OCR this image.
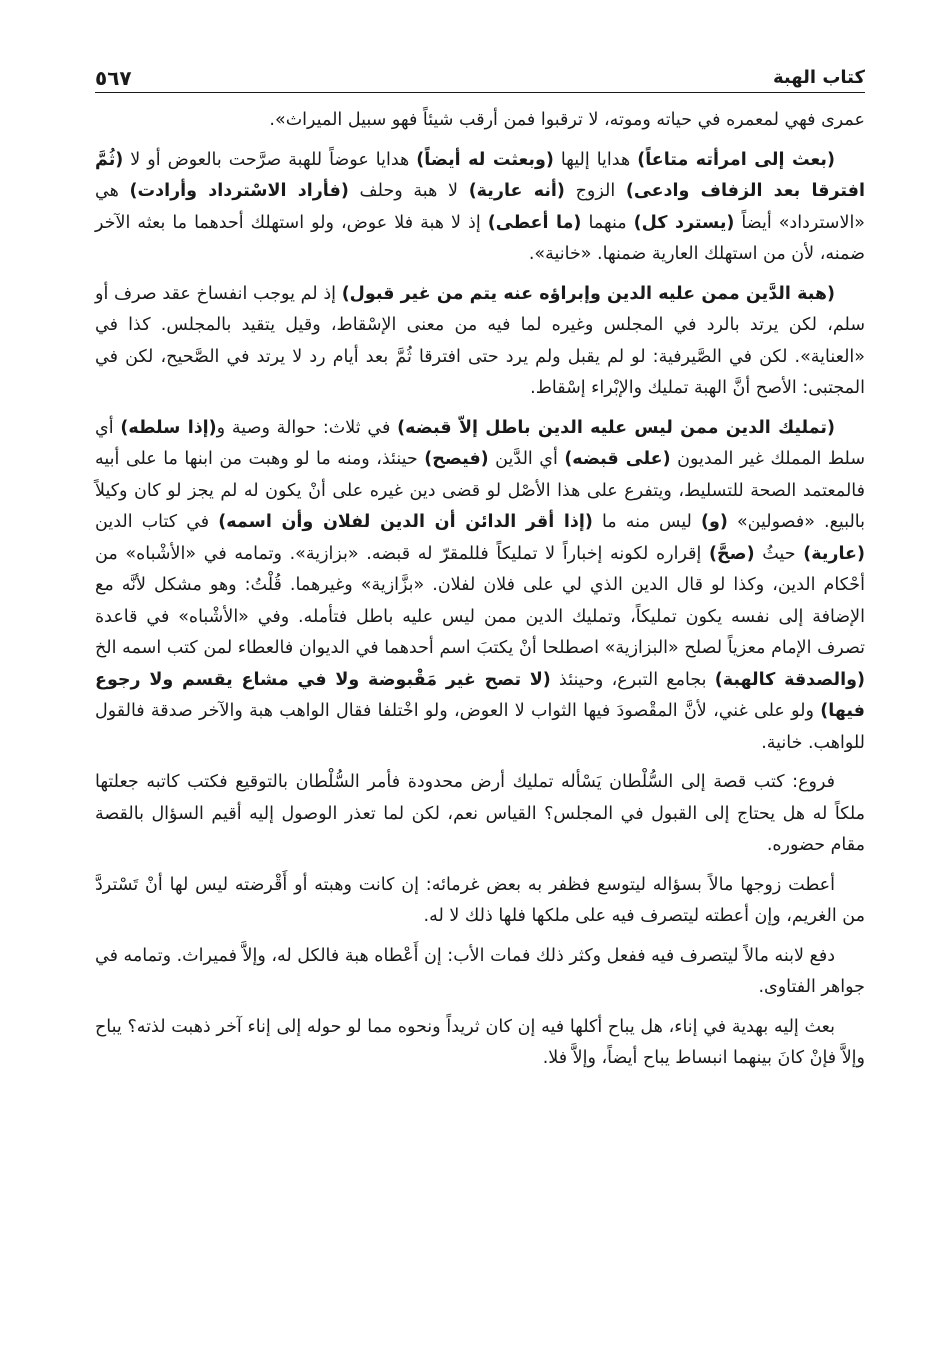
كتاب الهبة
٥٦٧

عمرى فهي لمعمره في حياته وموته، لا ترقبوا فمن أرقب شيئاً فهو سبيل الميراث».

(بعث إلى امرأته متاعاً) هدايا إليها (وبعثت له أيضاً) هدايا عوضاً للهبة صرَّحت بالعوض أو لا (ثُمَّ افترقا بعد الزفاف وادعى) الزوج (أنه عارية) لا هبة وحلف (فأراد الاسْترداد وأرادت) هي «الاسترداد» أيضاً (يسترد كل) منهما (ما أعطى) إذ لا هبة فلا عوض، ولو استهلك أحدهما ما بعثه الآخر ضمنه، لأن من استهلك العارية ضمنها. «خانية».

(هبة الدَّين ممن عليه الدين وإبراؤه عنه يتم من غير قبول) إذ لم يوجب انفساخ عقد صرف أو سلم، لكن يرتد بالرد في المجلس وغيره لما فيه من معنى الإسْقاط، وقيل يتقيد بالمجلس. كذا في «العناية». لكن في الصَّيرفية: لو لم يقبل ولم يرد حتى افترقا ثُمَّ بعد أيام رد لا يرتد في الصَّحيح، لكن في المجتبى: الأصح أنَّ الهبة تمليك والإبْراء إسْقاط.

(تمليك الدين ممن ليس عليه الدين باطل إلاّ قبضه) في ثلاث: حوالة وصية و(إذا سلطه) أي سلط المملك غير المديون (على قبضه) أي الدَّين (فيصح) حينئذ، ومنه ما لو وهبت من ابنها ما على أبيه فالمعتمد الصحة للتسليط، ويتفرع على هذا الأصْل لو قضى دين غيره على أنْ يكون له لم يجز لو كان وكيلاً بالبيع. «فصولين» (و) ليس منه ما (إذا أقر الدائن أن الدين لفلان وأن اسمه) في كتاب الدين (عارية) حيثُ (صحَّ) إقراره لكونه إخباراً لا تمليكاً فللمقرّ له قبضه. «بزازية». وتمامه في «الأشْباه» من أحْكام الدين، وكذا لو قال الدين الذي لي على فلان لفلان. «بزَّازية» وغيرهما. قُلْتُ: وهو مشكل لأنَّه مع الإضافة إلى نفسه يكون تمليكاً، وتمليك الدين ممن ليس عليه باطل فتأمله. وفي «الأشْباه» في قاعدة تصرف الإمام معزياً لصلح «البزازية» اصطلحا أنْ يكتبَ اسم أحدهما في الديوان فالعطاء لمن كتب اسمه الخ (والصدقة كالهبة) بجامع التبرع، وحينئذ (لا تصح غير مَقْبوضة ولا في مشاع يقسم ولا رجوع فيها) ولو على غني، لأنَّ المقْصودَ فيها الثواب لا العوض، ولو اخْتلفا فقال الواهب هبة والآخر صدقة فالقول للواهب. خانية.

فروع: كتب قصة إلى السُّلْطان يَسْأله تمليك أرض محدودة فأمر السُّلْطان بالتوقيع فكتب كاتبه جعلتها ملكاً له هل يحتاج إلى القبول في المجلس؟ القياس نعم، لكن لما تعذر الوصول إليه أقيم السؤال بالقصة مقام حضوره.

أعطت زوجها مالاً بسؤاله ليتوسع فظفر به بعض غرمائه: إن كانت وهبته أو أَقْرضته ليس لها أنْ تَسْتردَّ من الغريم، وإن أعطته ليتصرف فيه على ملكها فلها ذلك لا له.

دفع لابنه مالاً ليتصرف فيه ففعل وكثر ذلك فمات الأب: إن أَعْطاه هبة فالكل له، وإلاَّ فميراث. وتمامه في جواهر الفتاوى.

بعث إليه بهدية في إناء، هل يباح أكلها فيه إن كان ثريداً ونحوه مما لو حوله إلى إناء آخر ذهبت لذته؟ يباح وإلاَّ فإنْ كانَ بينهما انبساط يباح أيضاً، وإلاَّ فلا.
